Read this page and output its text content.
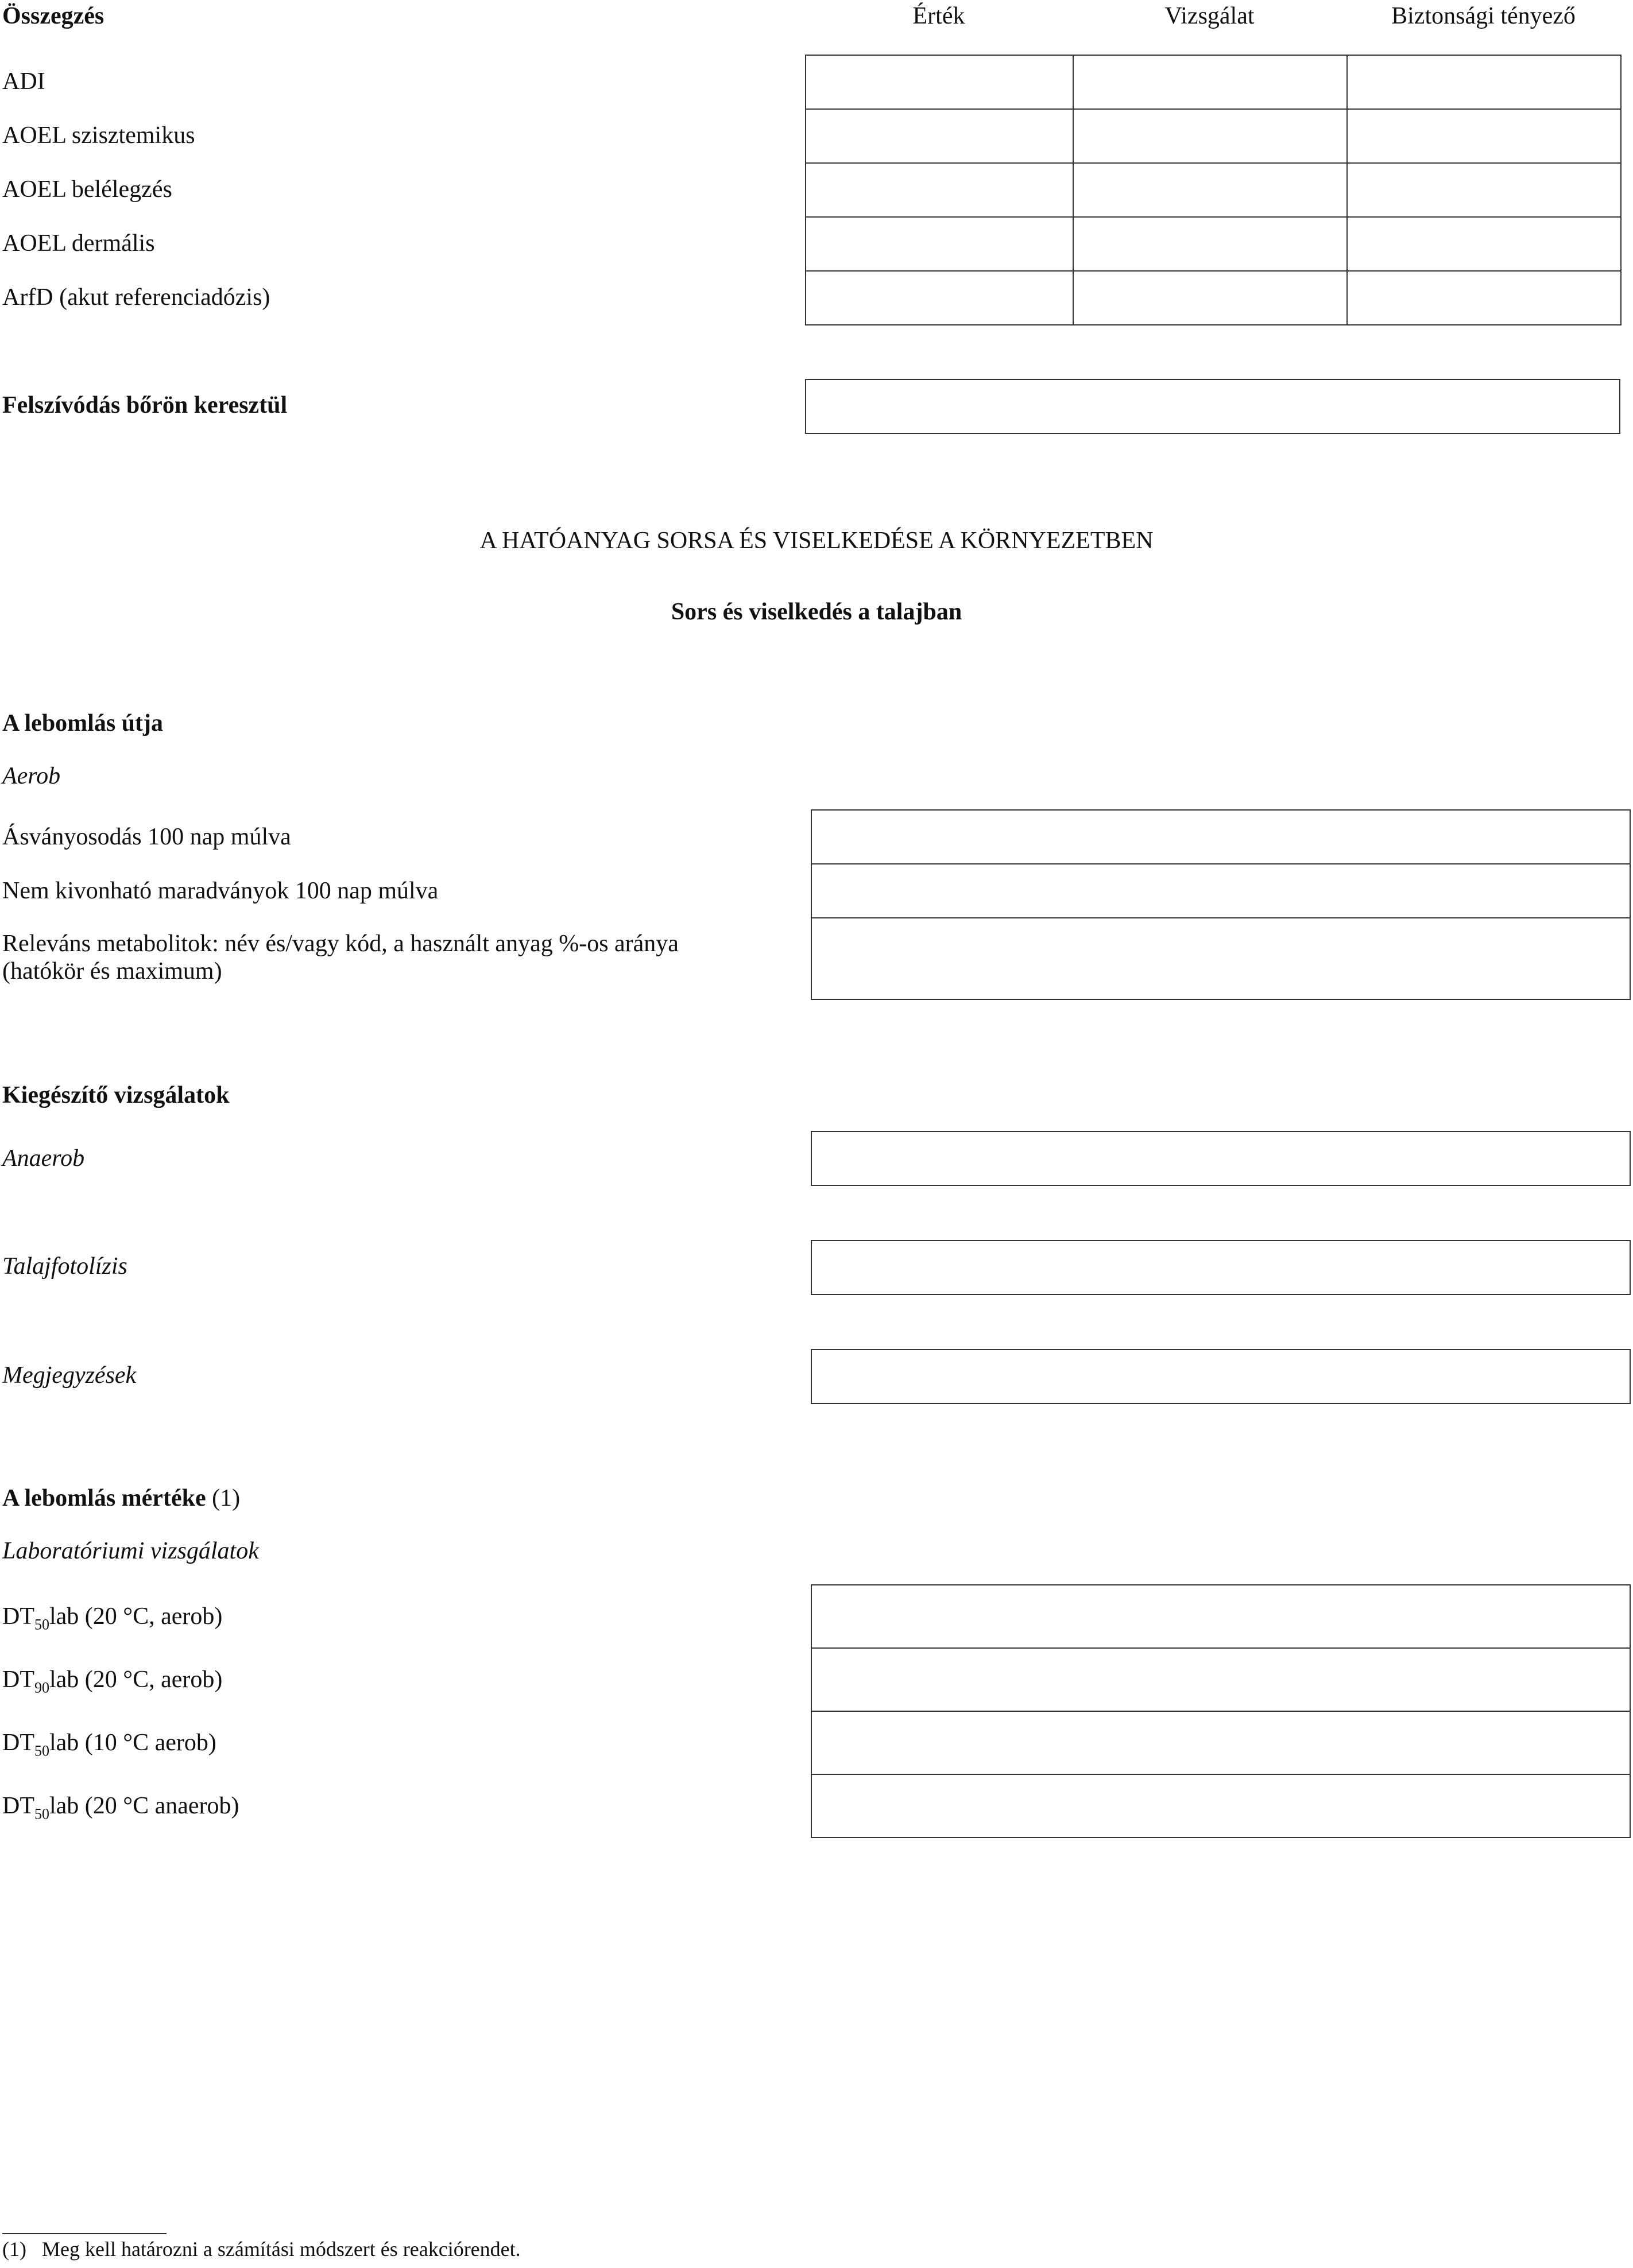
Összegzés	Érték	Vizsgálat	Biztonsági tényező
ADI
AOEL szisztemikus
AOEL belélegzés
AOEL dermális
ArfD (akut referenciadózis)

Felszívódás bőrön keresztül
A HATÓANYAG SORSA ÉS VISELKEDÉSE A KÖRNYEZETBEN
Sors és viselkedés a talajban
A lebomlás útja
Aerob
Ásványosodás 100 nap múlva
Nem kivonható maradványok 100 nap múlva
Releváns metabolitok: név és/vagy kód, a használt anyag %-os aránya (hatókör és maximum)

Kiegészítő vizsgálatok
Anaerob
Talajfotolízis
Megjegyzések
A lebomlás mértéke (1)
Laboratóriumi vizsgálatok
$DT_{50}lab$ (20 °C, aerob)
$DT_{90}lab$ (20 °C, aerob)
$DT_{50}lab$ (10 °C aerob)
$DT_{50}lab$ (20 °C anaerob)

(1) Meg kell határozni a számítási módszert és reakciórendet.
